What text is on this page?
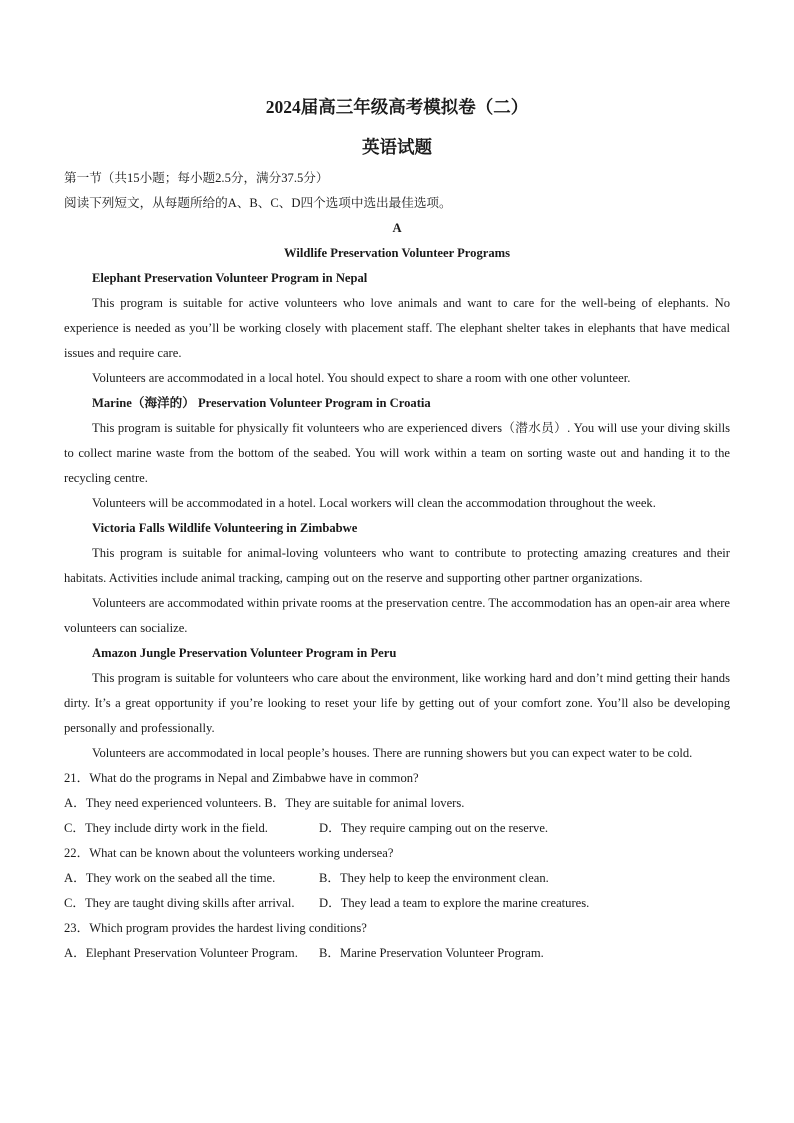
2024届高三年级高考模拟卷（二）
英语试题

第一节（共15小题；每小题2.5分，满分37.5分）

阅读下列短文，从每题所给的A、B、C、D四个选项中选出最佳选项。

A

Wildlife Preservation Volunteer Programs

Elephant Preservation Volunteer Program in Nepal

This program is suitable for active volunteers who love animals and want to care for the well-being of elephants. No experience is needed as you’ll be working closely with placement staff. The elephant shelter takes in elephants that have medical issues and require care.

Volunteers are accommodated in a local hotel. You should expect to share a room with one other volunteer.

Marine（海洋的） Preservation Volunteer Program in Croatia

This program is suitable for physically fit volunteers who are experienced divers（潜水员）. You will use your diving skills to collect marine waste from the bottom of the seabed. You will work within a team on sorting waste out and handing it to the recycling centre.

Volunteers will be accommodated in a hotel. Local workers will clean the accommodation throughout the week.

Victoria Falls Wildlife Volunteering in Zimbabwe

This program is suitable for animal-loving volunteers who want to contribute to protecting amazing creatures and their habitats. Activities include animal tracking, camping out on the reserve and supporting other partner organizations.

Volunteers are accommodated within private rooms at the preservation centre. The accommodation has an open-air area where volunteers can socialize.

Amazon Jungle Preservation Volunteer Program in Peru

This program is suitable for volunteers who care about the environment, like working hard and don’t mind getting their hands dirty. It’s a great opportunity if you’re looking to reset your life by getting out of your comfort zone. You’ll also be developing personally and professionally.

Volunteers are accommodated in local people’s houses. There are running showers but you can expect water to be cold.

21．What do the programs in Nepal and Zimbabwe have in common?

A．They need experienced volunteers. B．They are suitable for animal lovers.
C．They include dirty work in the field.	D．They require camping out on the reserve.

22．What can be known about the volunteers working undersea?

A．They work on the seabed all the time.	B．They help to keep the environment clean.
C．They are taught diving skills after arrival.	D．They lead a team to explore the marine creatures.

23．Which program provides the hardest living conditions?

A．Elephant Preservation Volunteer Program.	B．Marine Preservation Volunteer Program.
